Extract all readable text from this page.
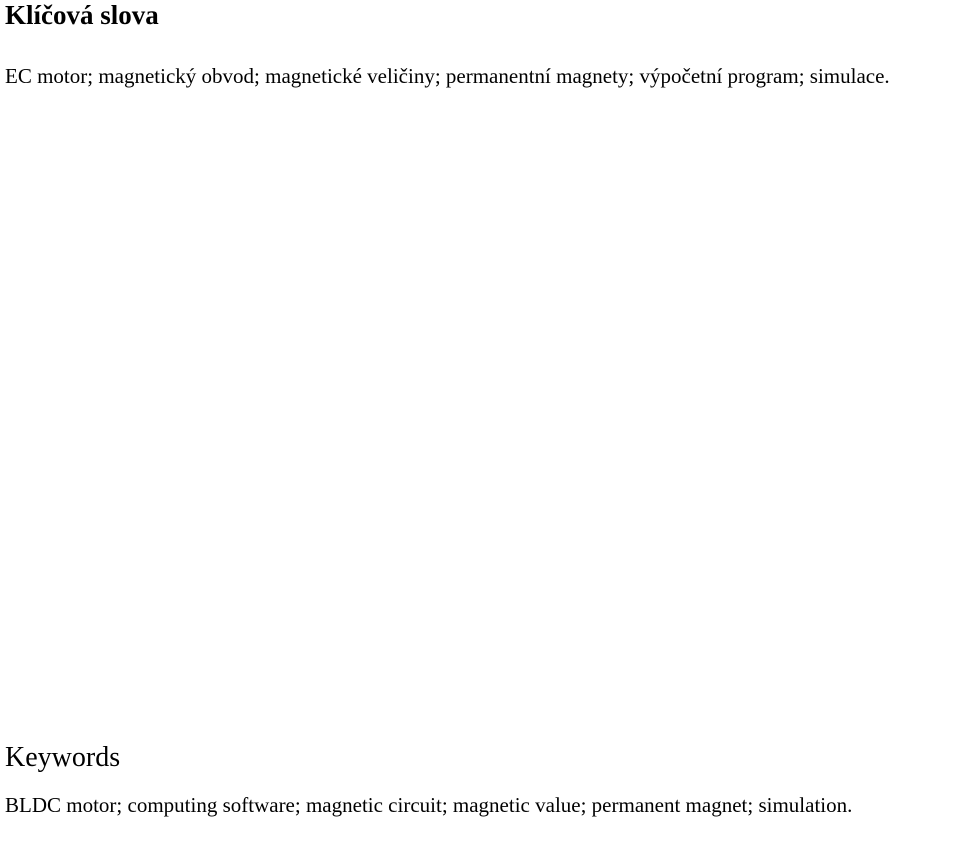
Klíčová slova

EC motor; magnetický obvod; magnetické veličiny; permanentní magnety; výpočetní program; simulace.

Keywords

BLDC motor; computing software; magnetic circuit; magnetic value; permanent magnet; simulation.
